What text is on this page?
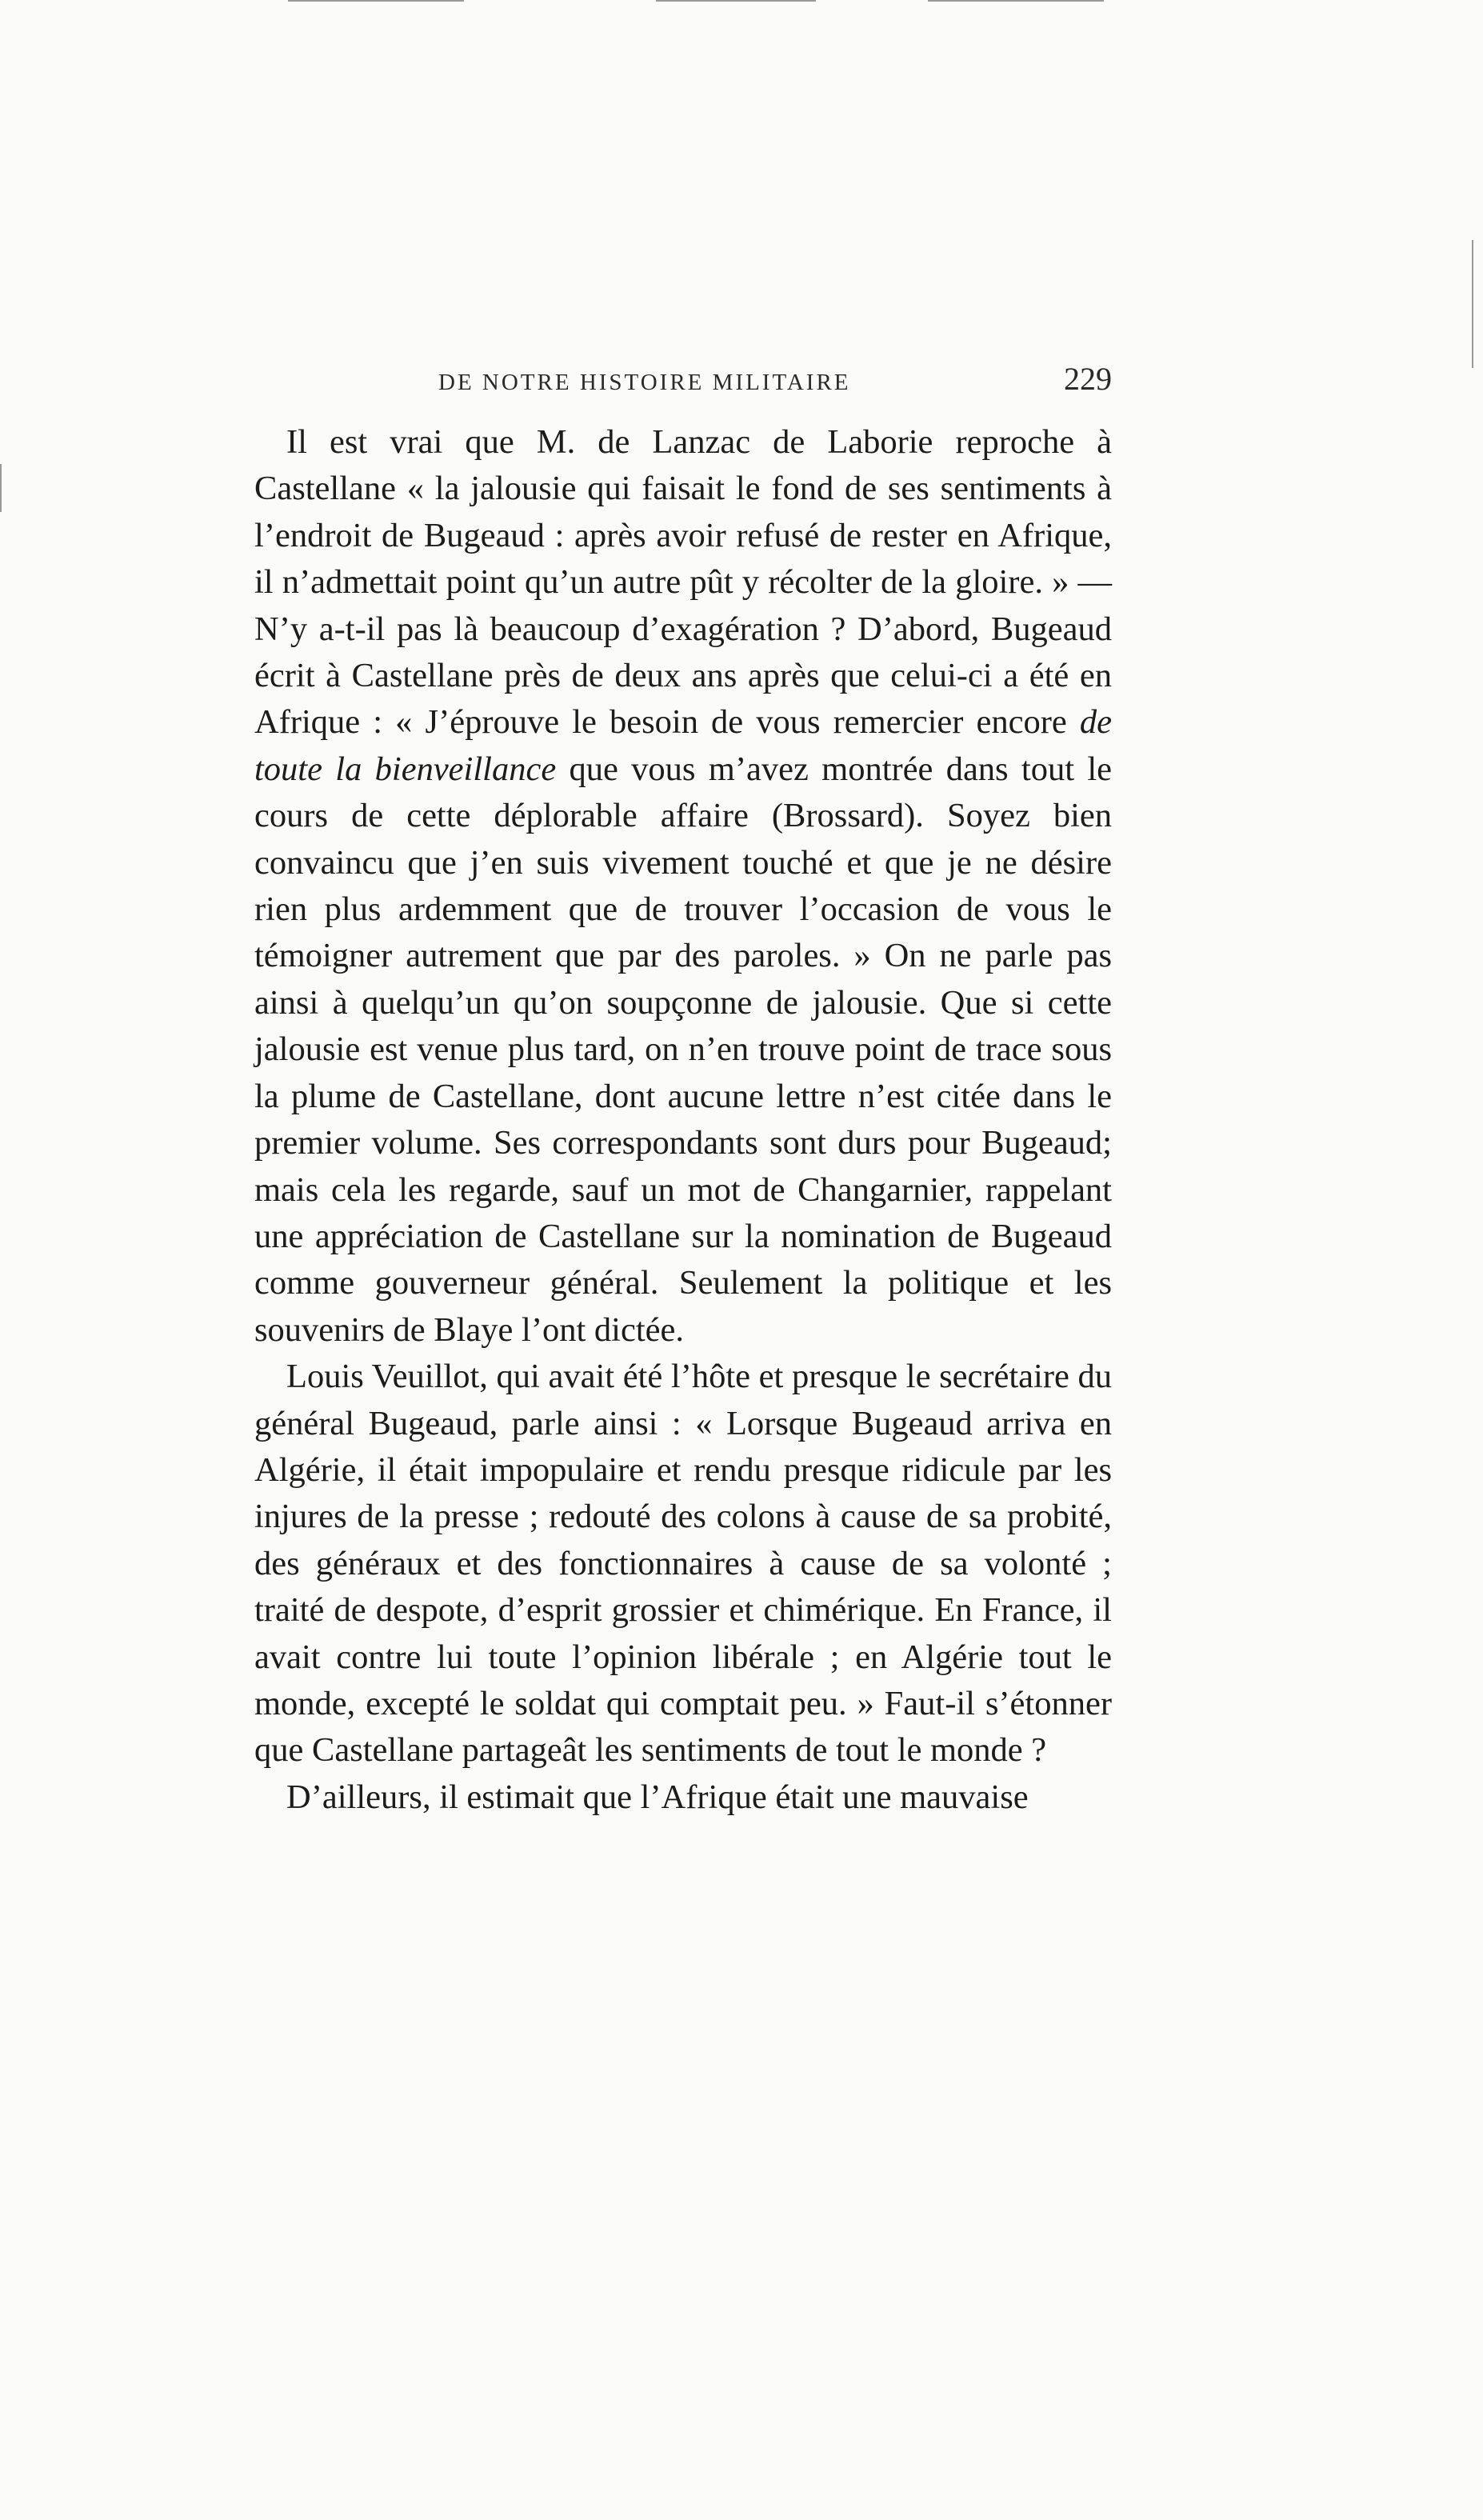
DE NOTRE HISTOIRE MILITAIRE	229

Il est vrai que M. de Lanzac de Laborie reproche à Castellane « la jalousie qui faisait le fond de ses sentiments à l’endroit de Bugeaud : après avoir refusé de rester en Afrique, il n’admettait point qu’un autre pût y récolter de la gloire. » — N’y a-t-il pas là beaucoup d’exagération ? D’abord, Bugeaud écrit à Castellane près de deux ans après que celui-ci a été en Afrique : « J’éprouve le besoin de vous remercier encore de toute la bienveillance que vous m’avez montrée dans tout le cours de cette déplorable affaire (Brossard). Soyez bien convaincu que j’en suis vivement touché et que je ne désire rien plus ardemment que de trouver l’occasion de vous le témoigner autrement que par des paroles. » On ne parle pas ainsi à quelqu’un qu’on soupçonne de jalousie. Que si cette jalousie est venue plus tard, on n’en trouve point de trace sous la plume de Castellane, dont aucune lettre n’est citée dans le premier volume. Ses correspondants sont durs pour Bugeaud; mais cela les regarde, sauf un mot de Changarnier, rappelant une appréciation de Castellane sur la nomination de Bugeaud comme gouverneur général. Seulement la politique et les souvenirs de Blaye l’ont dictée.

Louis Veuillot, qui avait été l’hôte et presque le secrétaire du général Bugeaud, parle ainsi : « Lorsque Bugeaud arriva en Algérie, il était impopulaire et rendu presque ridicule par les injures de la presse ; redouté des colons à cause de sa probité, des généraux et des fonctionnaires à cause de sa volonté ; traité de despote, d’esprit grossier et chimérique. En France, il avait contre lui toute l’opinion libérale ; en Algérie tout le monde, excepté le soldat qui comptait peu. » Faut-il s’étonner que Castellane partageât les sentiments de tout le monde ?

D’ailleurs, il estimait que l’Afrique était une mauvaise
